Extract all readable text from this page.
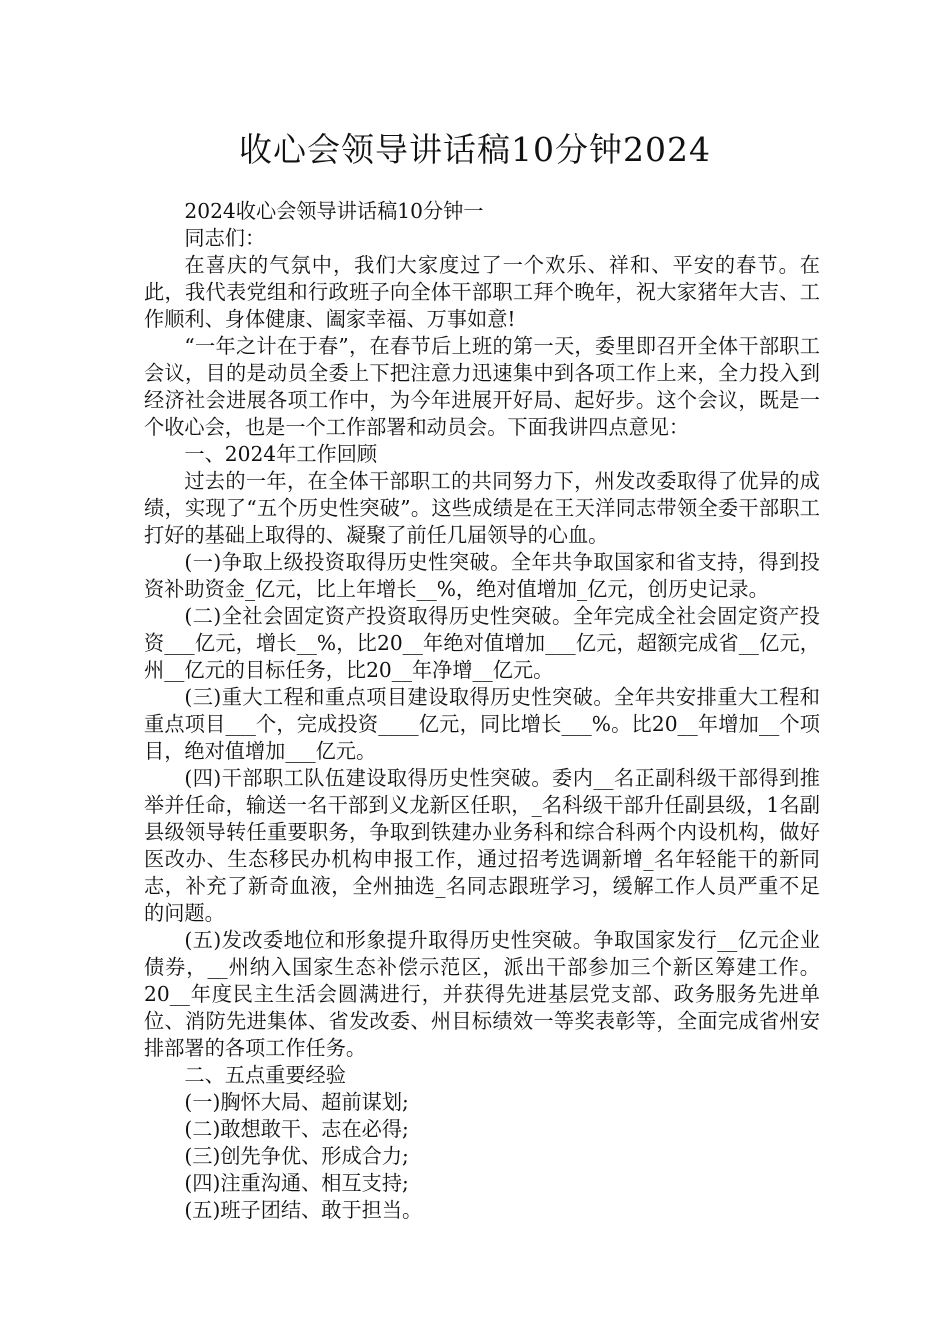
收心会领导讲话稿10分钟2024

2024收心会领导讲话稿10分钟一

同志们：

在喜庆的气氛中，我们大家度过了一个欢乐、祥和、平安的春节。在此，我代表党组和行政班子向全体干部职工拜个晚年，祝大家猪年大吉、工作顺利、身体健康、阖家幸福、万事如意!

“一年之计在于春”，在春节后上班的第一天，委里即召开全体干部职工会议，目的是动员全委上下把注意力迅速集中到各项工作上来，全力投入到经济社会进展各项工作中，为今年进展开好局、起好步。这个会议，既是一个收心会，也是一个工作部署和动员会。下面我讲四点意见：

一、2024年工作回顾

过去的一年，在全体干部职工的共同努力下，州发改委取得了优异的成绩，实现了“五个历史性突破”。这些成绩是在王天洋同志带领全委干部职工打好的基础上取得的、凝聚了前任几届领导的心血。

(一)争取上级投资取得历史性突破。全年共争取国家和省支持，得到投资补助资金_亿元，比上年增长__%，绝对值增加_亿元，创历史记录。

(二)全社会固定资产投资取得历史性突破。全年完成全社会固定资产投资___亿元，增长__%，比20__年绝对值增加___亿元，超额完成省__亿元，州__亿元的目标任务，比20__年净增__亿元。

(三)重大工程和重点项目建设取得历史性突破。全年共安排重大工程和重点项目___个，完成投资____亿元，同比增长___%。比20__年增加__个项目，绝对值增加___亿元。

(四)干部职工队伍建设取得历史性突破。委内__名正副科级干部得到推举并任命，输送一名干部到义龙新区任职，_名科级干部升任副县级，1名副县级领导转任重要职务，争取到铁建办业务科和综合科两个内设机构，做好医改办、生态移民办机构申报工作，通过招考选调新增_名年轻能干的新同志，补充了新奇血液，全州抽选_名同志跟班学习，缓解工作人员严重不足的问题。

(五)发改委地位和形象提升取得历史性突破。争取国家发行__亿元企业债券，__州纳入国家生态补偿示范区，派出干部参加三个新区筹建工作。20__年度民主生活会圆满进行，并获得先进基层党支部、政务服务先进单位、消防先进集体、省发改委、州目标绩效一等奖表彰等，全面完成省州安排部署的各项工作任务。

二、五点重要经验

(一)胸怀大局、超前谋划;

(二)敢想敢干、志在必得;

(三)创先争优、形成合力;

(四)注重沟通、相互支持;

(五)班子团结、敢于担当。
